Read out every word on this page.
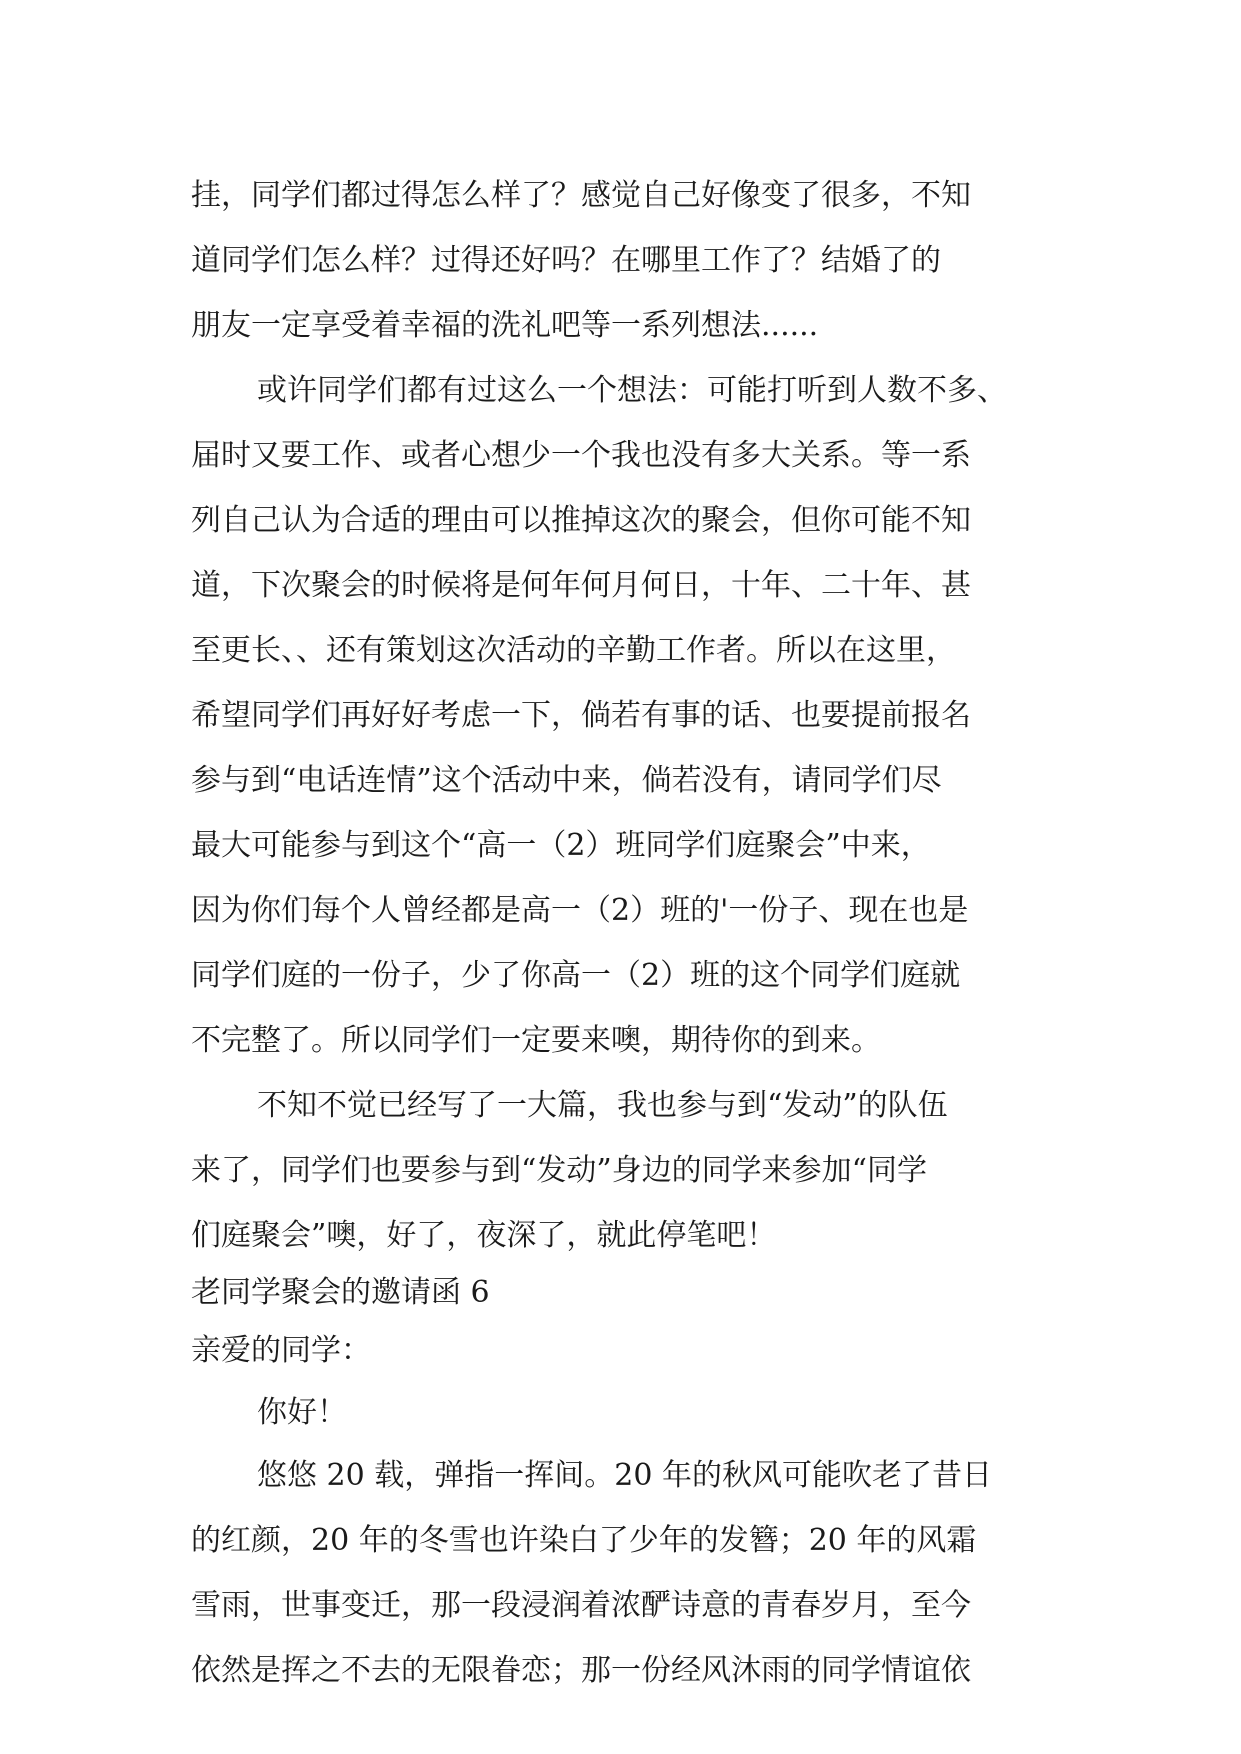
挂，同学们都过得怎么样了？感觉自己好像变了很多，不知
道同学们怎么样？过得还好吗？在哪里工作了？结婚了的
朋友一定享受着幸福的洗礼吧等一系列想法......
或许同学们都有过这么一个想法：可能打听到人数不多、
届时又要工作、或者心想少一个我也没有多大关系。等一系
列自己认为合适的理由可以推掉这次的聚会，但你可能不知
道，下次聚会的时候将是何年何月何日，十年、二十年、甚
至更长、、还有策划这次活动的辛勤工作者。所以在这里，
希望同学们再好好考虑一下，倘若有事的话、也要提前报名
参与到“电话连情”这个活动中来，倘若没有，请同学们尽
最大可能参与到这个“高一（2）班同学们庭聚会”中来，
因为你们每个人曾经都是高一（2）班的'一份子、现在也是
同学们庭的一份子，少了你高一（2）班的这个同学们庭就
不完整了。所以同学们一定要来噢，期待你的到来。
不知不觉已经写了一大篇，我也参与到“发动”的队伍
来了，同学们也要参与到“发动”身边的同学来参加“同学
们庭聚会”噢，好了，夜深了，就此停笔吧！
老同学聚会的邀请函 6
亲爱的同学：
你好！
悠悠 20 载，弹指一挥间。20 年的秋风可能吹老了昔日
的红颜，20 年的冬雪也许染白了少年的发簪；20 年的风霜
雪雨，世事变迁，那一段浸润着浓酽诗意的青春岁月，至今
依然是挥之不去的无限眷恋；那一份经风沐雨的同学情谊依
